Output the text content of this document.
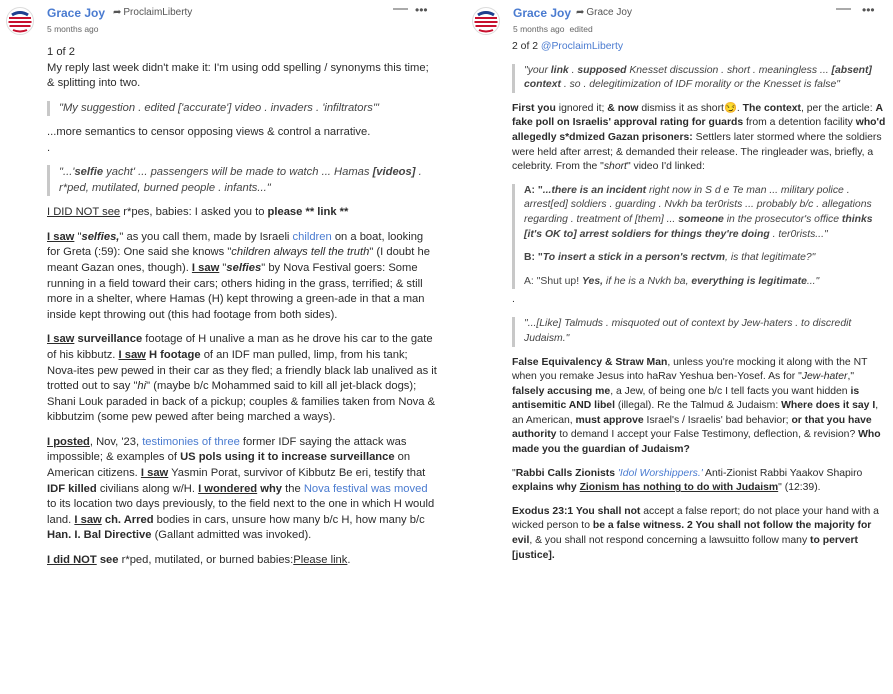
Grace Joy ➦ ProclaimLiberty
5 months ago
— •••

1 of 2

My reply last week didn't make it: I'm using odd spelling / synonyms this time; & splitting into two.

"My suggestion . edited ['accurate'] video . invaders . 'infiltrators'"

...more semantics to censor opposing views & control a narrative.

.

"...'selfie yacht' ... passengers will be made to watch ... Hamas [videos] . r*ped, mutilated, burned people . infants..."

I DID NOT see r*pes, babies: I asked you to please ** link **

I saw "selfies," as you call them, made by Israeli children on a boat, looking for Greta (:59): One said she knows "children always tell the truth" (I doubt he meant Gazan ones, though). I saw "selfies" by Nova Festival goers: Some running in a field toward their cars; others hiding in the grass, terrified; & still more in a shelter, where Hamas (H) kept throwing a green-ade in that a man inside kept throwing out (this had footage from both sides).

I saw surveillance footage of H unalive a man as he drove his car to the gate of his kibbutz. I saw H footage of an IDF man pulled, limp, from his tank; Nova-ites pew pewed in their car as they fled; a friendly black lab unalived as it trotted out to say "hi" (maybe b/c Mohammed said to kill all jet-black dogs); Shani Louk paraded in back of a pickup; couples & families taken from Nova & kibbutzim (some pew pewed after being marched a ways).

I posted, Nov, '23, testimonies of three former IDF saying the attack was impossible; & examples of US pols using it to increase surveillance on American citizens. I saw Yasmin Porat, survivor of Kibbutz Be eri, testify that IDF killed civilians along w/H. I wondered why the Nova festival was moved to its location two days previously, to the field next to the one in which H would land. I saw ch. Arred bodies in cars, unsure how many b/c H, how many b/c Han. I. Bal Directive (Gallant admitted was invoked).

I did NOT see r*ped, mutilated, or burned babies:Please link.

Grace Joy ➦ Grace Joy
5 months ago edited
— •••

2 of 2 @ProclaimLiberty

"your link . supposed Knesset discussion . short . meaningless ... [absent] context . so . delegitimization of IDF morality or the Knesset is false"

First you ignored it; & now dismiss it as short😏. The context, per the article: A fake poll on Israelis' approval rating for guards from a detention facility who'd allegedly s*dmized Gazan prisoners: Settlers later stormed where the soldiers were held after arrest; & demanded their release. The ringleader was, briefly, a celebrity. From the "short" video I'd linked:

A: "...there is an incident right now in S d e Te man ... military police . arrest[ed] soldiers . guarding . Nvkh ba ter0rists ... probably b/c . allegations regarding . treatment of [them] ... someone in the prosecutor's office thinks [it's OK to] arrest soldiers for things they're doing . ter0rists..."

B: "To insert a stick in a person's rectvm, is that legitimate?"

A: "Shut up! Yes, if he is a Nvkh ba, everything is legitimate..."

.

"...[Like] Talmuds . misquoted out of context by Jew-haters . to discredit Judaism."

False Equivalency & Straw Man, unless you're mocking it along with the NT when you remake Jesus into haRav Yeshua ben-Yosef. As for "Jew-hater," falsely accusing me, a Jew, of being one b/c I tell facts you want hidden is antisemitic AND libel (illegal). Re the Talmud & Judaism: Where does it say I, an American, must approve Israel's / Israelis' bad behavior; or that you have authority to demand I accept your False Testimony, deflection, & revision? Who made you the guardian of Judaism?

"Rabbi Calls Zionists 'Idol Worshippers.' Anti-Zionist Rabbi Yaakov Shapiro explains why Zionism has nothing to do with Judaism" (12:39).

Exodus 23:1 You shall not accept a false report; do not place your hand with a wicked person to be a false witness. 2 You shall not follow the majority for evil, & you shall not respond concerning a lawsuitto follow many to pervert [justice].
